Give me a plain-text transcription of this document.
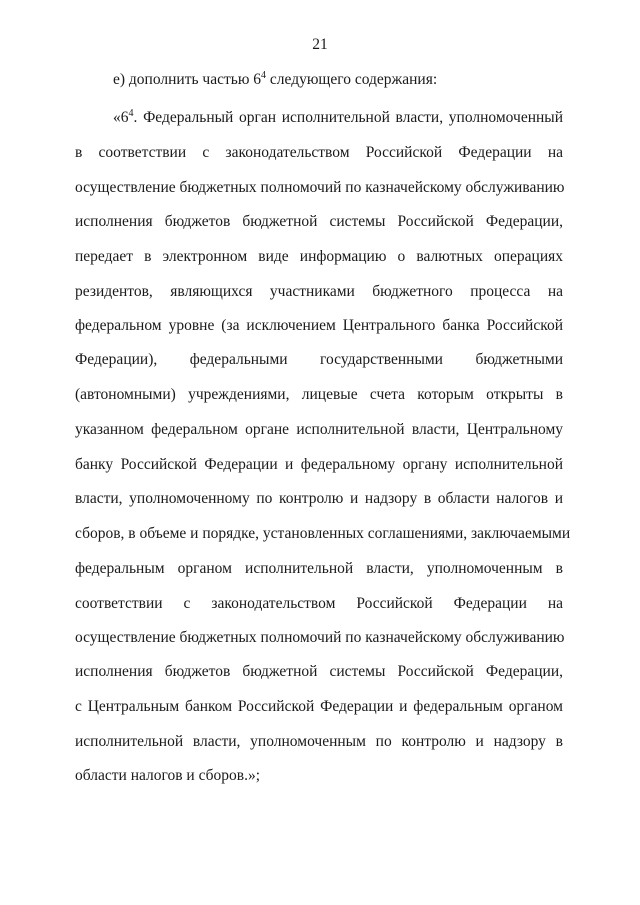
21
е) дополнить частью $6^4$ следующего содержания:
«$6^4$. Федеральный орган исполнительной власти, уполномоченный
в соответствии с законодательством Российской Федерации на
осуществление бюджетных полномочий по казначейскому обслуживанию
исполнения бюджетов бюджетной системы Российской Федерации,
передает в электронном виде информацию о валютных операциях
резидентов, являющихся участниками бюджетного процесса на
федеральном уровне (за исключением Центрального банка Российской
Федерации), федеральными государственными бюджетными
(автономными) учреждениями, лицевые счета которым открыты в
указанном федеральном органе исполнительной власти, Центральному
банку Российской Федерации и федеральному органу исполнительной
власти, уполномоченному по контролю и надзору в области налогов и
сборов, в объеме и порядке, установленных соглашениями, заключаемыми
федеральным органом исполнительной власти, уполномоченным в
соответствии с законодательством Российской Федерации на
осуществление бюджетных полномочий по казначейскому обслуживанию
исполнения бюджетов бюджетной системы Российской Федерации,
с Центральным банком Российской Федерации и федеральным органом
исполнительной власти, уполномоченным по контролю и надзору в
области налогов и сборов.»;
